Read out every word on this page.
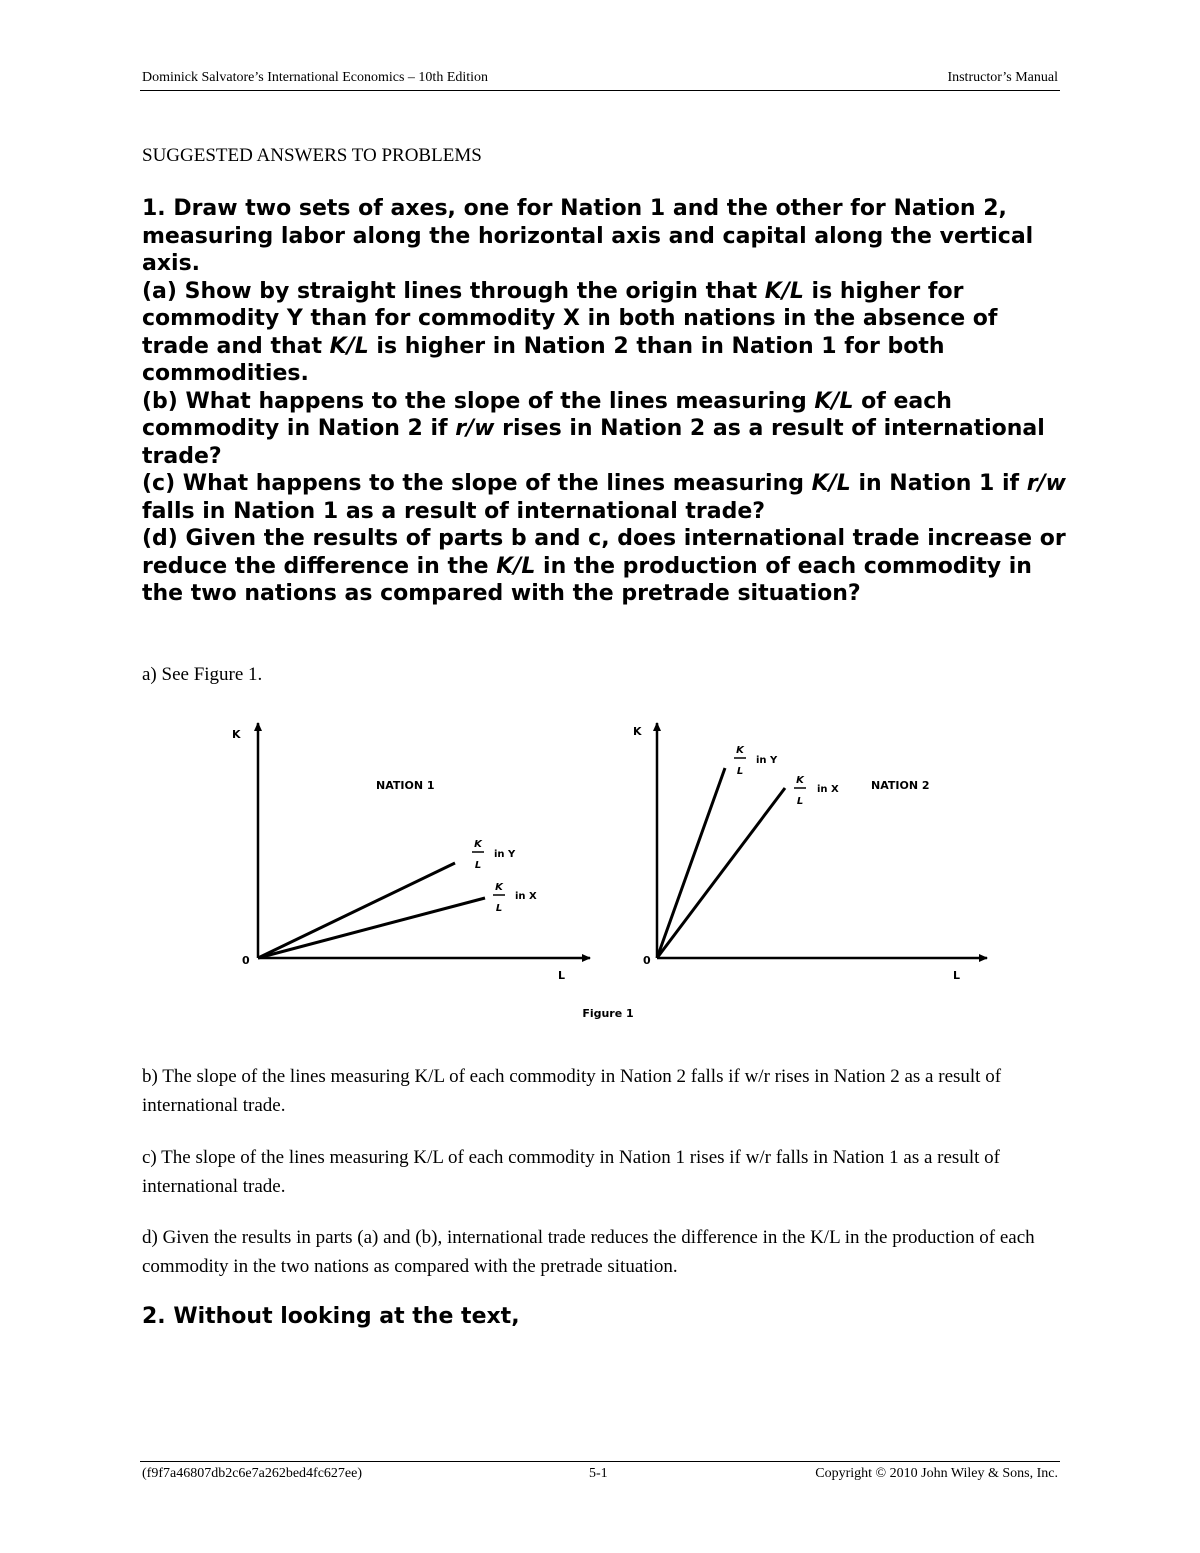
Dominick Salvatore’s International Economics – 10th Edition	Instructor’s Manual
SUGGESTED ANSWERS TO PROBLEMS

1. Draw two sets of axes, one for Nation 1 and the other for Nation 2, measuring labor along the horizontal axis and capital along the vertical axis.

(a) Show by straight lines through the origin that K/L is higher for commodity Y than for commodity X in both nations in the absence of trade and that K/L is higher in Nation 2 than in Nation 1 for both commodities.

(b) What happens to the slope of the lines measuring K/L of each commodity in Nation 2 if r/w rises in Nation 2 as a result of international trade?

(c) What happens to the slope of the lines measuring K/L in Nation 1 if r/w falls in Nation 1 as a result of international trade?

(d) Given the results of parts b and c, does international trade increase or reduce the difference in the K/L in the production of each commodity in the two nations as compared with the pretrade situation?

a) See Figure 1.
K
L
0
NATION 1
K
L
in Y
K
L
in X
K
L
0
NATION 2
K
L
in Y
K
L
in X
Figure 1
b) The slope of the lines measuring K/L of each commodity in Nation 2 falls if w/r rises in Nation 2 as a result of international trade.
c) The slope of the lines measuring K/L of each commodity in Nation 1 rises if w/r falls in Nation 1 as a result of international trade.
d) Given the results in parts (a) and (b), international trade reduces the difference in the K/L in the production of each commodity in the two nations as compared with the pretrade situation.
2. Without looking at the text,
(f9f7a46807db2c6e7a262bed4fc627ee)	5-1	Copyright © 2010 John Wiley & Sons, Inc.
